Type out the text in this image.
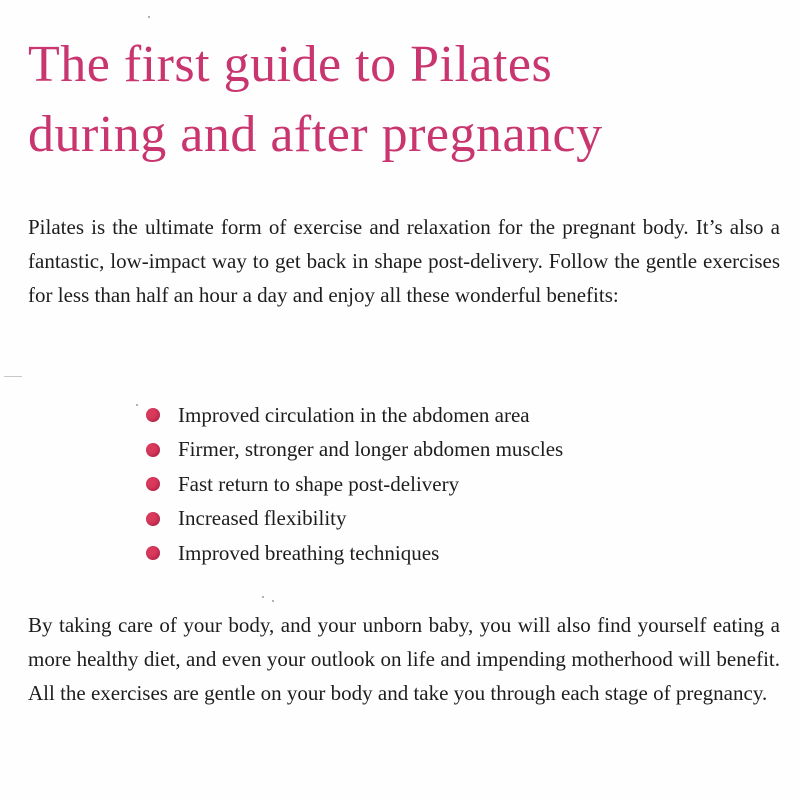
The first guide to Pilates
during and after pregnancy

Pilates is the ultimate form of exercise and relaxation for the pregnant body. It’s also a fantastic, low-impact way to get back in shape post-delivery. Follow the gentle exercises for less than half an hour a day and enjoy all these wonderful benefits:

Improved circulation in the abdomen area
Firmer, stronger and longer abdomen muscles
Fast return to shape post-delivery
Increased flexibility
Improved breathing techniques

By taking care of your body, and your unborn baby, you will also find yourself eating a more healthy diet, and even your outlook on life and impending motherhood will benefit. All the exercises are gentle on your body and take you through each stage of pregnancy.
